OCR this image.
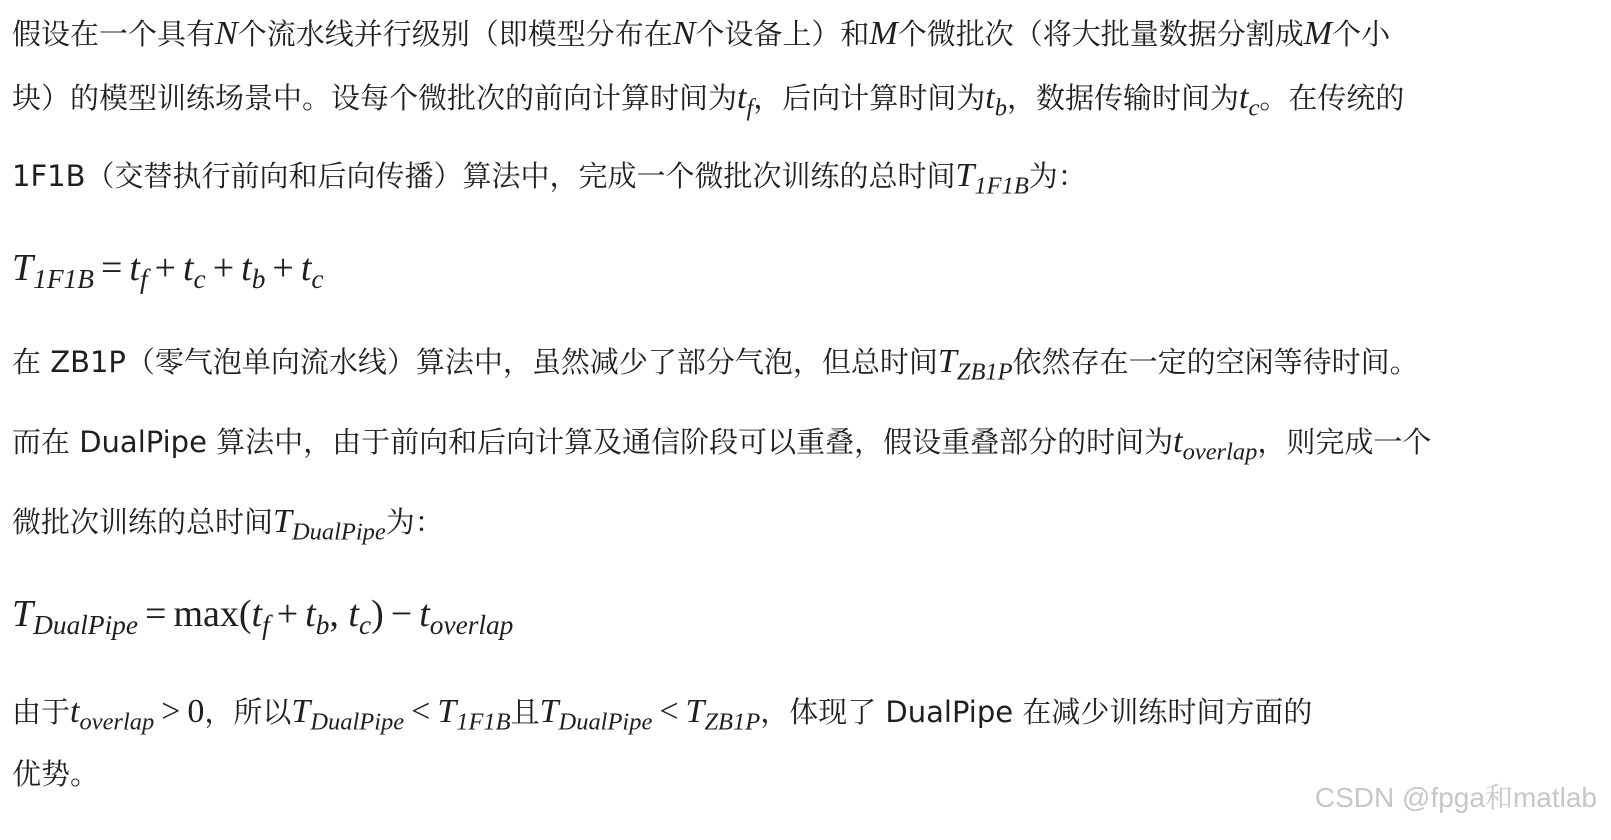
假设在一个具有N个流水线并行级别（即模型分布在N个设备上）和M个微批次（将大批量数据分割成M个小
块）的模型训练场景中。设每个微批次的前向计算时间为$t_f$，后向计算时间为$t_b$，数据传输时间为$t_c$。在传统的
1F1B（交替执行前向和后向传播）算法中，完成一个微批次训练的总时间$T_{1F1B}$为：
$T_{1F1B} = t_f + t_c + t_b + t_c$
在 ZB1P（零气泡单向流水线）算法中，虽然减少了部分气泡，但总时间$T_{ZB1P}$依然存在一定的空闲等待时间。
而在 DualPipe 算法中，由于前向和后向计算及通信阶段可以重叠，假设重叠部分的时间为$t_{overlap}$，则完成一个
微批次训练的总时间$T_{DualPipe}$为：
$T_{DualPipe} = \max(t_f + t_b$, $t_c) - t_{overlap}$
由于$t_{overlap} > 0$，所以$T_{DualPipe} < T_{1F1B}$且$T_{DualPipe} < T_{ZB1P}$，体现了 DualPipe 在减少训练时间方面的
优势。
CSDN @fpga和matlab
